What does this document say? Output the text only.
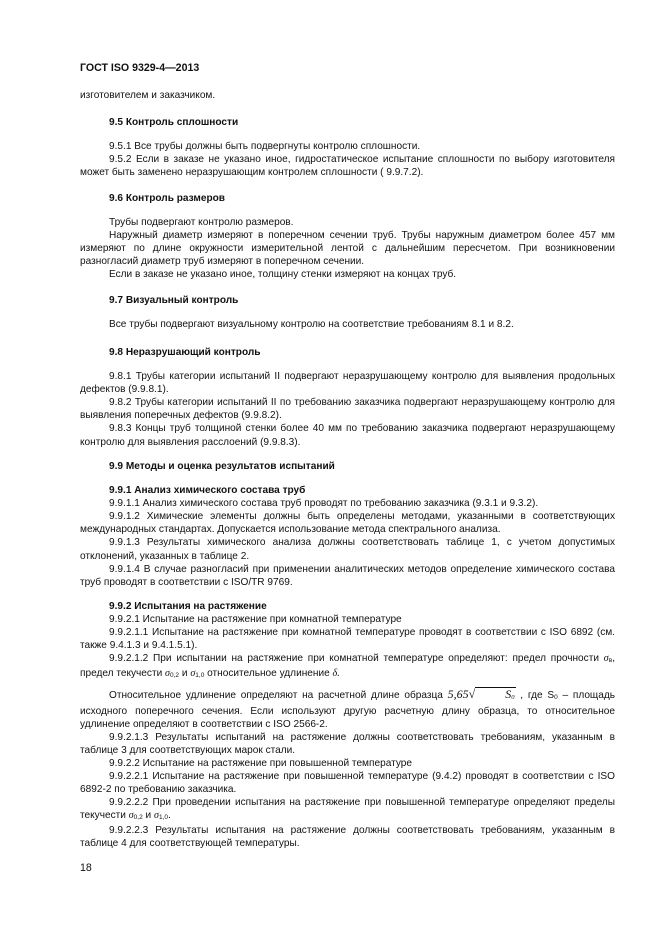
ГОСТ ISO 9329-4—2013

изготовителем и заказчиком.

9.5 Контроль сплошности

9.5.1 Все трубы должны быть подвергнуты контролю сплошности.

9.5.2 Если в заказе не указано иное, гидростатическое испытание сплошности по выбору изготовителя может быть заменено неразрушающим контролем сплошности ( 9.9.7.2).

9.6 Контроль размеров

Трубы подвергают контролю размеров.

Наружный диаметр измеряют в поперечном сечении труб. Трубы наружным диаметром более 457 мм измеряют по длине окружности измерительной лентой с дальнейшим пересчетом. При возникновении разногласий диаметр труб измеряют в поперечном сечении.

Если в заказе не указано иное, толщину стенки измеряют на концах труб.

9.7 Визуальный контроль

Все трубы подвергают визуальному контролю на соответствие требованиям 8.1 и 8.2.

9.8 Неразрушающий контроль

9.8.1 Трубы категории испытаний II подвергают неразрушающему контролю для выявления продольных дефектов (9.9.8.1).

9.8.2 Трубы категории испытаний II по требованию заказчика подвергают неразрушающему контролю для выявления поперечных дефектов (9.9.8.2).

9.8.3 Концы труб толщиной стенки более 40 мм по требованию заказчика подвергают неразрушающему контролю для выявления расслоений (9.9.8.3).

9.9 Методы и оценка результатов испытаний

9.9.1 Анализ химического состава труб

9.9.1.1 Анализ химического состава труб проводят по требованию заказчика (9.3.1 и 9.3.2).

9.9.1.2 Химические элементы должны быть определены методами, указанными в соответствующих международных стандартах. Допускается использование метода спектрального анализа.

9.9.1.3 Результаты химического анализа должны соответствовать таблице 1, с учетом допустимых отклонений, указанных в таблице 2.

9.9.1.4 В случае разногласий при применении аналитических методов определение химического состава труб проводят в соответствии с ISO/TR 9769.

9.9.2 Испытания на растяжение

9.9.2.1 Испытание на растяжение при комнатной температуре

9.9.2.1.1 Испытание на растяжение при комнатной температуре проводят в соответствии с ISO 6892 (см. также 9.4.1.3 и 9.4.1.5.1).

9.9.2.1.2 При испытании на растяжение при комнатной температуре определяют: предел прочности σв, предел текучести σ0,2 и σ1,0 относительное удлинение δ.

Относительное удлинение определяют на расчетной длине образца 5,65√	S0 , где S0 – площадь исходного поперечного сечения. Если используют другую расчетную длину образца, то относительное удлинение определяют в соответствии с ISO 2566-2.

9.9.2.1.3 Результаты испытаний на растяжение должны соответствовать требованиям, указанным в таблице 3 для соответствующих марок стали.

9.9.2.2 Испытание на растяжение при повышенной температуре

9.9.2.2.1 Испытание на растяжение при повышенной температуре (9.4.2) проводят в соответствии с ISO 6892-2 по требованию заказчика.

9.9.2.2.2 При проведении испытания на растяжение при повышенной температуре определяют пределы текучести σ0,2 и σ1,0.

9.9.2.2.3 Результаты испытания на растяжение должны соответствовать требованиям, указанным в таблице 4 для соответствующей температуры.

18
